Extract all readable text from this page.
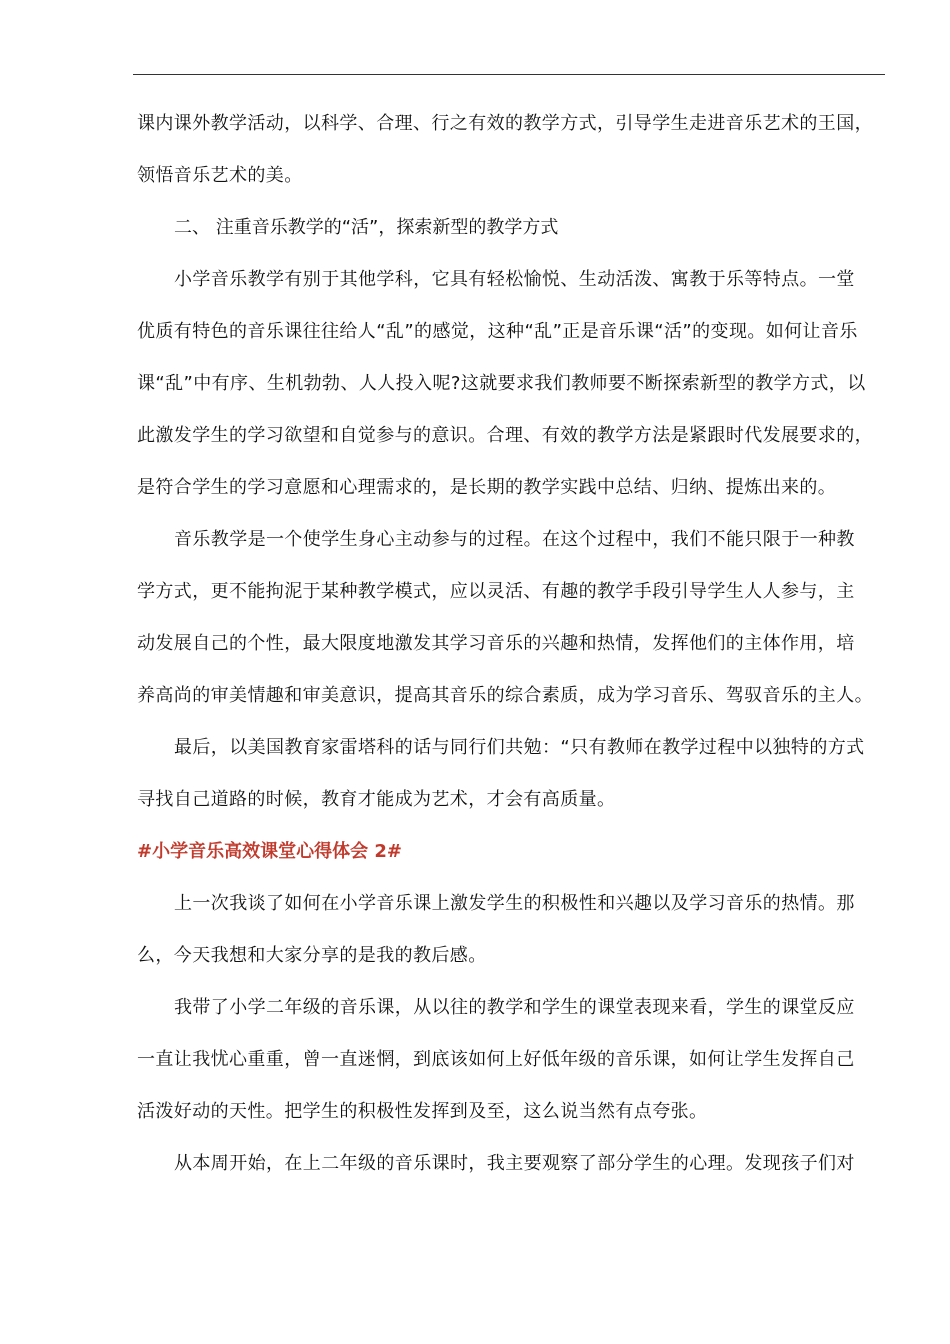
课内课外教学活动，以科学、合理、行之有效的教学方式，引导学生走进音乐艺术的王国，
领悟音乐艺术的美。

二、 注重音乐教学的“活”，探索新型的教学方式

小学音乐教学有别于其他学科，它具有轻松愉悦、生动活泼、寓教于乐等特点。一堂
优质有特色的音乐课往往给人“乱”的感觉，这种“乱”正是音乐课“活”的变现。如何让音乐
课“乱”中有序、生机勃勃、人人投入呢?这就要求我们教师要不断探索新型的教学方式，以
此激发学生的学习欲望和自觉参与的意识。合理、有效的教学方法是紧跟时代发展要求的，
是符合学生的学习意愿和心理需求的，是长期的教学实践中总结、归纳、提炼出来的。

音乐教学是一个使学生身心主动参与的过程。在这个过程中，我们不能只限于一种教
学方式，更不能拘泥于某种教学模式，应以灵活、有趣的教学手段引导学生人人参与，主
动发展自己的个性，最大限度地激发其学习音乐的兴趣和热情，发挥他们的主体作用，培
养高尚的审美情趣和审美意识，提高其音乐的综合素质，成为学习音乐、驾驭音乐的主人。

最后，以美国教育家雷塔科的话与同行们共勉：“只有教师在教学过程中以独特的方式
寻找自己道路的时候，教育才能成为艺术，才会有高质量。

#小学音乐高效课堂心得体会 2#

上一次我谈了如何在小学音乐课上激发学生的积极性和兴趣以及学习音乐的热情。那
么，今天我想和大家分享的是我的教后感。

我带了小学二年级的音乐课，从以往的教学和学生的课堂表现来看，学生的课堂反应
一直让我忧心重重，曾一直迷惘，到底该如何上好低年级的音乐课，如何让学生发挥自己
活泼好动的天性。把学生的积极性发挥到及至，这么说当然有点夸张。

从本周开始，在上二年级的音乐课时，我主要观察了部分学生的心理。发现孩子们对
